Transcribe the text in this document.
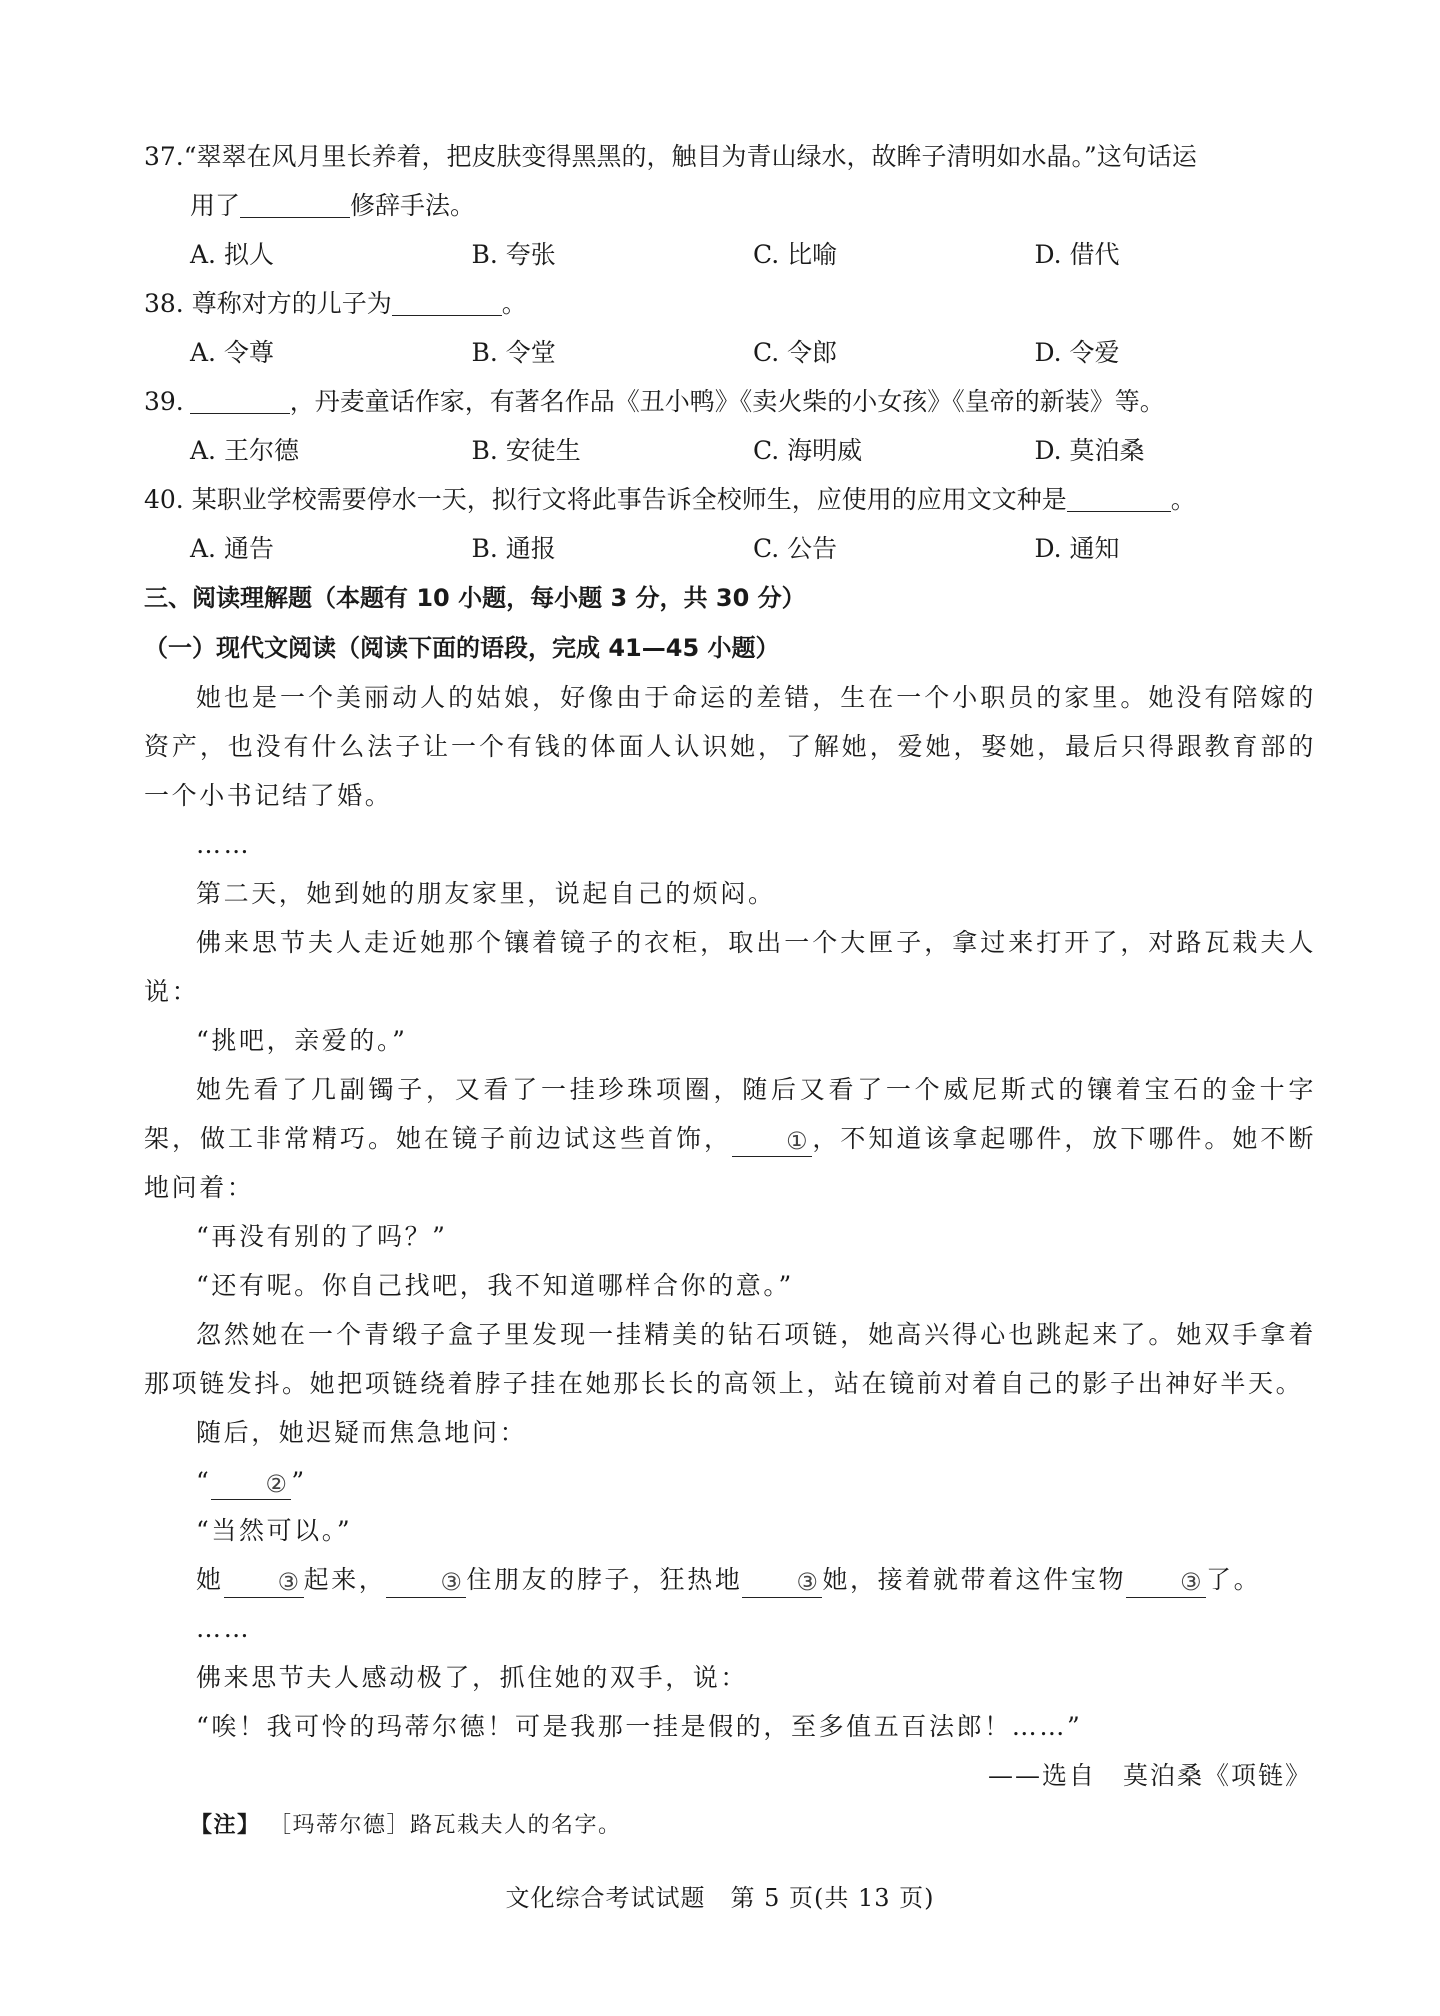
37.“翠翠在风月里长养着，把皮肤变得黑黑的，触目为青山绿水，故眸子清明如水晶。”这句话运
用了	修辞手法。
A. 拟人	B. 夸张	C. 比喻	D. 借代
38. 尊称对方的儿子为	。
A. 令尊	B. 令堂	C. 令郎	D. 令爱
39.	，丹麦童话作家，有著名作品《丑小鸭》《卖火柴的小女孩》《皇帝的新装》等。
A. 王尔德	B. 安徒生	C. 海明威	D. 莫泊桑
40. 某职业学校需要停水一天，拟行文将此事告诉全校师生，应使用的应用文文种是	。
A. 通告	B. 通报	C. 公告	D. 通知
三、阅读理解题（本题有 10 小题，每小题 3 分，共 30 分）
（一）现代文阅读（阅读下面的语段，完成 41—45 小题）

她也是一个美丽动人的姑娘，好像由于命运的差错，生在一个小职员的家里。她没有陪嫁的资产，也没有什么法子让一个有钱的体面人认识她，了解她，爱她，娶她，最后只得跟教育部的一个小书记结了婚。

……

第二天，她到她的朋友家里，说起自己的烦闷。

佛来思节夫人走近她那个镶着镜子的衣柜，取出一个大匣子，拿过来打开了，对路瓦栽夫人说：

“挑吧，亲爱的。”

她先看了几副镯子，又看了一挂珍珠项圈，随后又看了一个威尼斯式的镶着宝石的金十字架，做工非常精巧。她在镜子前边试这些首饰， ①，不知道该拿起哪件，放下哪件。她不断地问着：

“再没有别的了吗？”

“还有呢。你自己找吧，我不知道哪样合你的意。”

忽然她在一个青缎子盒子里发现一挂精美的钻石项链，她高兴得心也跳起来了。她双手拿着那项链发抖。她把项链绕着脖子挂在她那长长的高领上，站在镜前对着自己的影子出神好半天。

随后，她迟疑而焦急地问：

“ ②”

“当然可以。”

她 ③起来， ③住朋友的脖子，狂热地 ③她，接着就带着这件宝物 ③了。

……

佛来思节夫人感动极了，抓住她的双手，说：

“唉！我可怜的玛蒂尔德！可是我那一挂是假的，至多值五百法郎！……”

——选自　莫泊桑《项链》
【注】 ［玛蒂尔德］路瓦栽夫人的名字。
文化综合考试试题　第 5 页(共 13 页)
